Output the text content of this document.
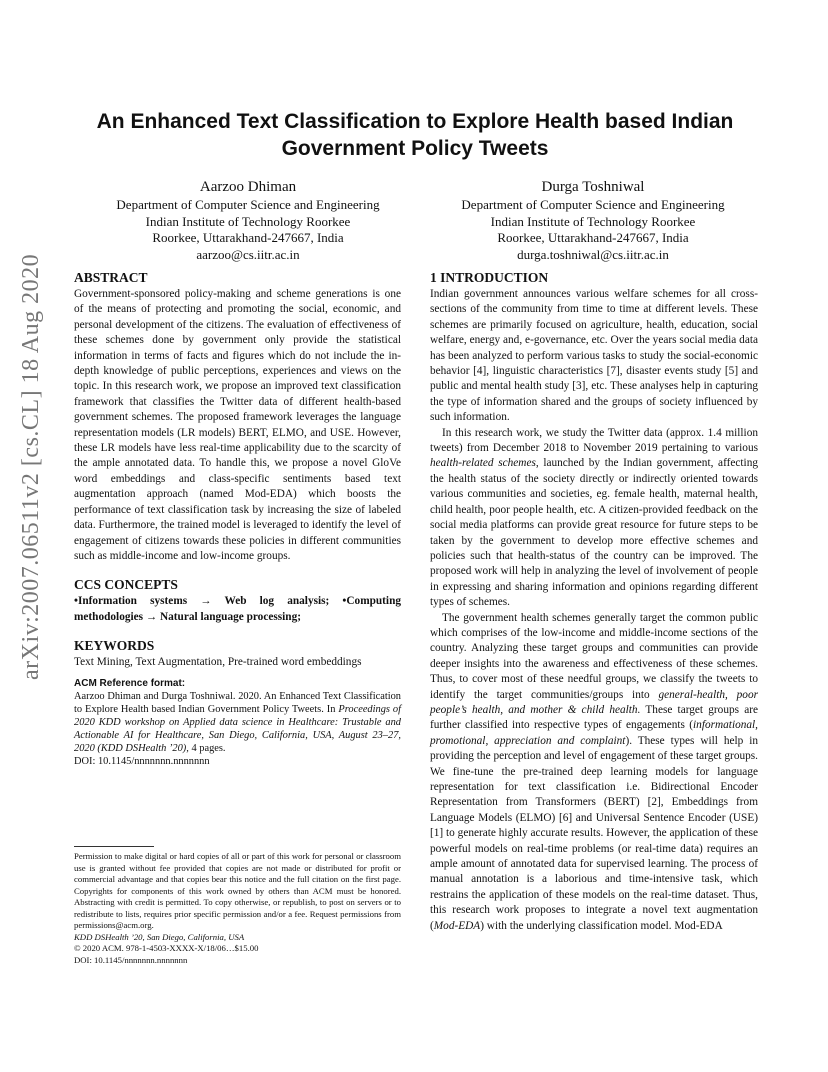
arXiv:2007.06511v2 [cs.CL] 18 Aug 2020
An Enhanced Text Classification to Explore Health based Indian Government Policy Tweets
Aarzoo Dhiman
Department of Computer Science and Engineering
Indian Institute of Technology Roorkee
Roorkee, Uttarakhand-247667, India
aarzoo@cs.iitr.ac.in
Durga Toshniwal
Department of Computer Science and Engineering
Indian Institute of Technology Roorkee
Roorkee, Uttarakhand-247667, India
durga.toshniwal@cs.iitr.ac.in

ABSTRACT

Government-sponsored policy-making and scheme generations is one of the means of protecting and promoting the social, economic, and personal development of the citizens. The evaluation of effectiveness of these schemes done by government only provide the statistical information in terms of facts and figures which do not include the in-depth knowledge of public perceptions, experiences and views on the topic. In this research work, we propose an improved text classification framework that classifies the Twitter data of different health-based government schemes. The proposed framework leverages the language representation models (LR models) BERT, ELMO, and USE. However, these LR models have less real-time applicability due to the scarcity of the ample annotated data. To handle this, we propose a novel GloVe word embeddings and class-specific sentiments based text augmentation approach (named Mod-EDA) which boosts the performance of text classification task by increasing the size of labeled data. Furthermore, the trained model is leveraged to identify the level of engagement of citizens towards these policies in different communities such as middle-income and low-income groups.

CCS CONCEPTS

•Information systems → Web log analysis; •Computing methodologies → Natural language processing;

KEYWORDS

Text Mining, Text Augmentation, Pre-trained word embeddings

ACM Reference format:
Aarzoo Dhiman and Durga Toshniwal. 2020. An Enhanced Text Classification to Explore Health based Indian Government Policy Tweets. In Proceedings of 2020 KDD workshop on Applied data science in Healthcare: Trustable and Actionable AI for Healthcare, San Diego, California, USA, August 23–27, 2020 (KDD DSHealth ’20), 4 pages.
DOI: 10.1145/nnnnnnn.nnnnnnn
Permission to make digital or hard copies of all or part of this work for personal or classroom use is granted without fee provided that copies are not made or distributed for profit or commercial advantage and that copies bear this notice and the full citation on the first page. Copyrights for components of this work owned by others than ACM must be honored. Abstracting with credit is permitted. To copy otherwise, or republish, to post on servers or to redistribute to lists, requires prior specific permission and/or a fee. Request permissions from permissions@acm.org.
KDD DSHealth ’20, San Diego, California, USA
© 2020 ACM. 978-1-4503-XXXX-X/18/06…$15.00
DOI: 10.1145/nnnnnnn.nnnnnnn

1 INTRODUCTION

Indian government announces various welfare schemes for all cross-sections of the community from time to time at different levels. These schemes are primarily focused on agriculture, health, education, social welfare, energy and, e-governance, etc. Over the years social media data has been analyzed to perform various tasks to study the social-economic behavior [4], linguistic characteristics [7], disaster events study [5] and public and mental health study [3], etc. These analyses help in capturing the type of information shared and the groups of society influenced by such information.

In this research work, we study the Twitter data (approx. 1.4 million tweets) from December 2018 to November 2019 pertaining to various health-related schemes, launched by the Indian government, affecting the health status of the society directly or indirectly oriented towards various communities and societies, eg. female health, maternal health, child health, poor people health, etc. A citizen-provided feedback on the social media platforms can provide great resource for future steps to be taken by the government to develop more effective schemes and policies such that health-status of the country can be improved. The proposed work will help in analyzing the level of involvement of people in expressing and sharing information and opinions regarding different types of schemes.

The government health schemes generally target the common public which comprises of the low-income and middle-income sections of the country. Analyzing these target groups and communities can provide deeper insights into the awareness and effectiveness of these schemes. Thus, to cover most of these needful groups, we classify the tweets to identify the target communities/groups into general-health, poor people’s health, and mother & child health. These target groups are further classified into respective types of engagements (informational, promotional, appreciation and complaint). These types will help in providing the perception and level of engagement of these target groups. We fine-tune the pre-trained deep learning models for language representation for text classification i.e. Bidirectional Encoder Representation from Transformers (BERT) [2], Embeddings from Language Models (ELMO) [6] and Universal Sentence Encoder (USE) [1] to generate highly accurate results. However, the application of these powerful models on real-time problems (or real-time data) requires an ample amount of annotated data for supervised learning. The process of manual annotation is a laborious and time-intensive task, which restrains the application of these models on the real-time dataset. Thus, this research work proposes to integrate a novel text augmentation (Mod-EDA) with the underlying classification model. Mod-EDA
